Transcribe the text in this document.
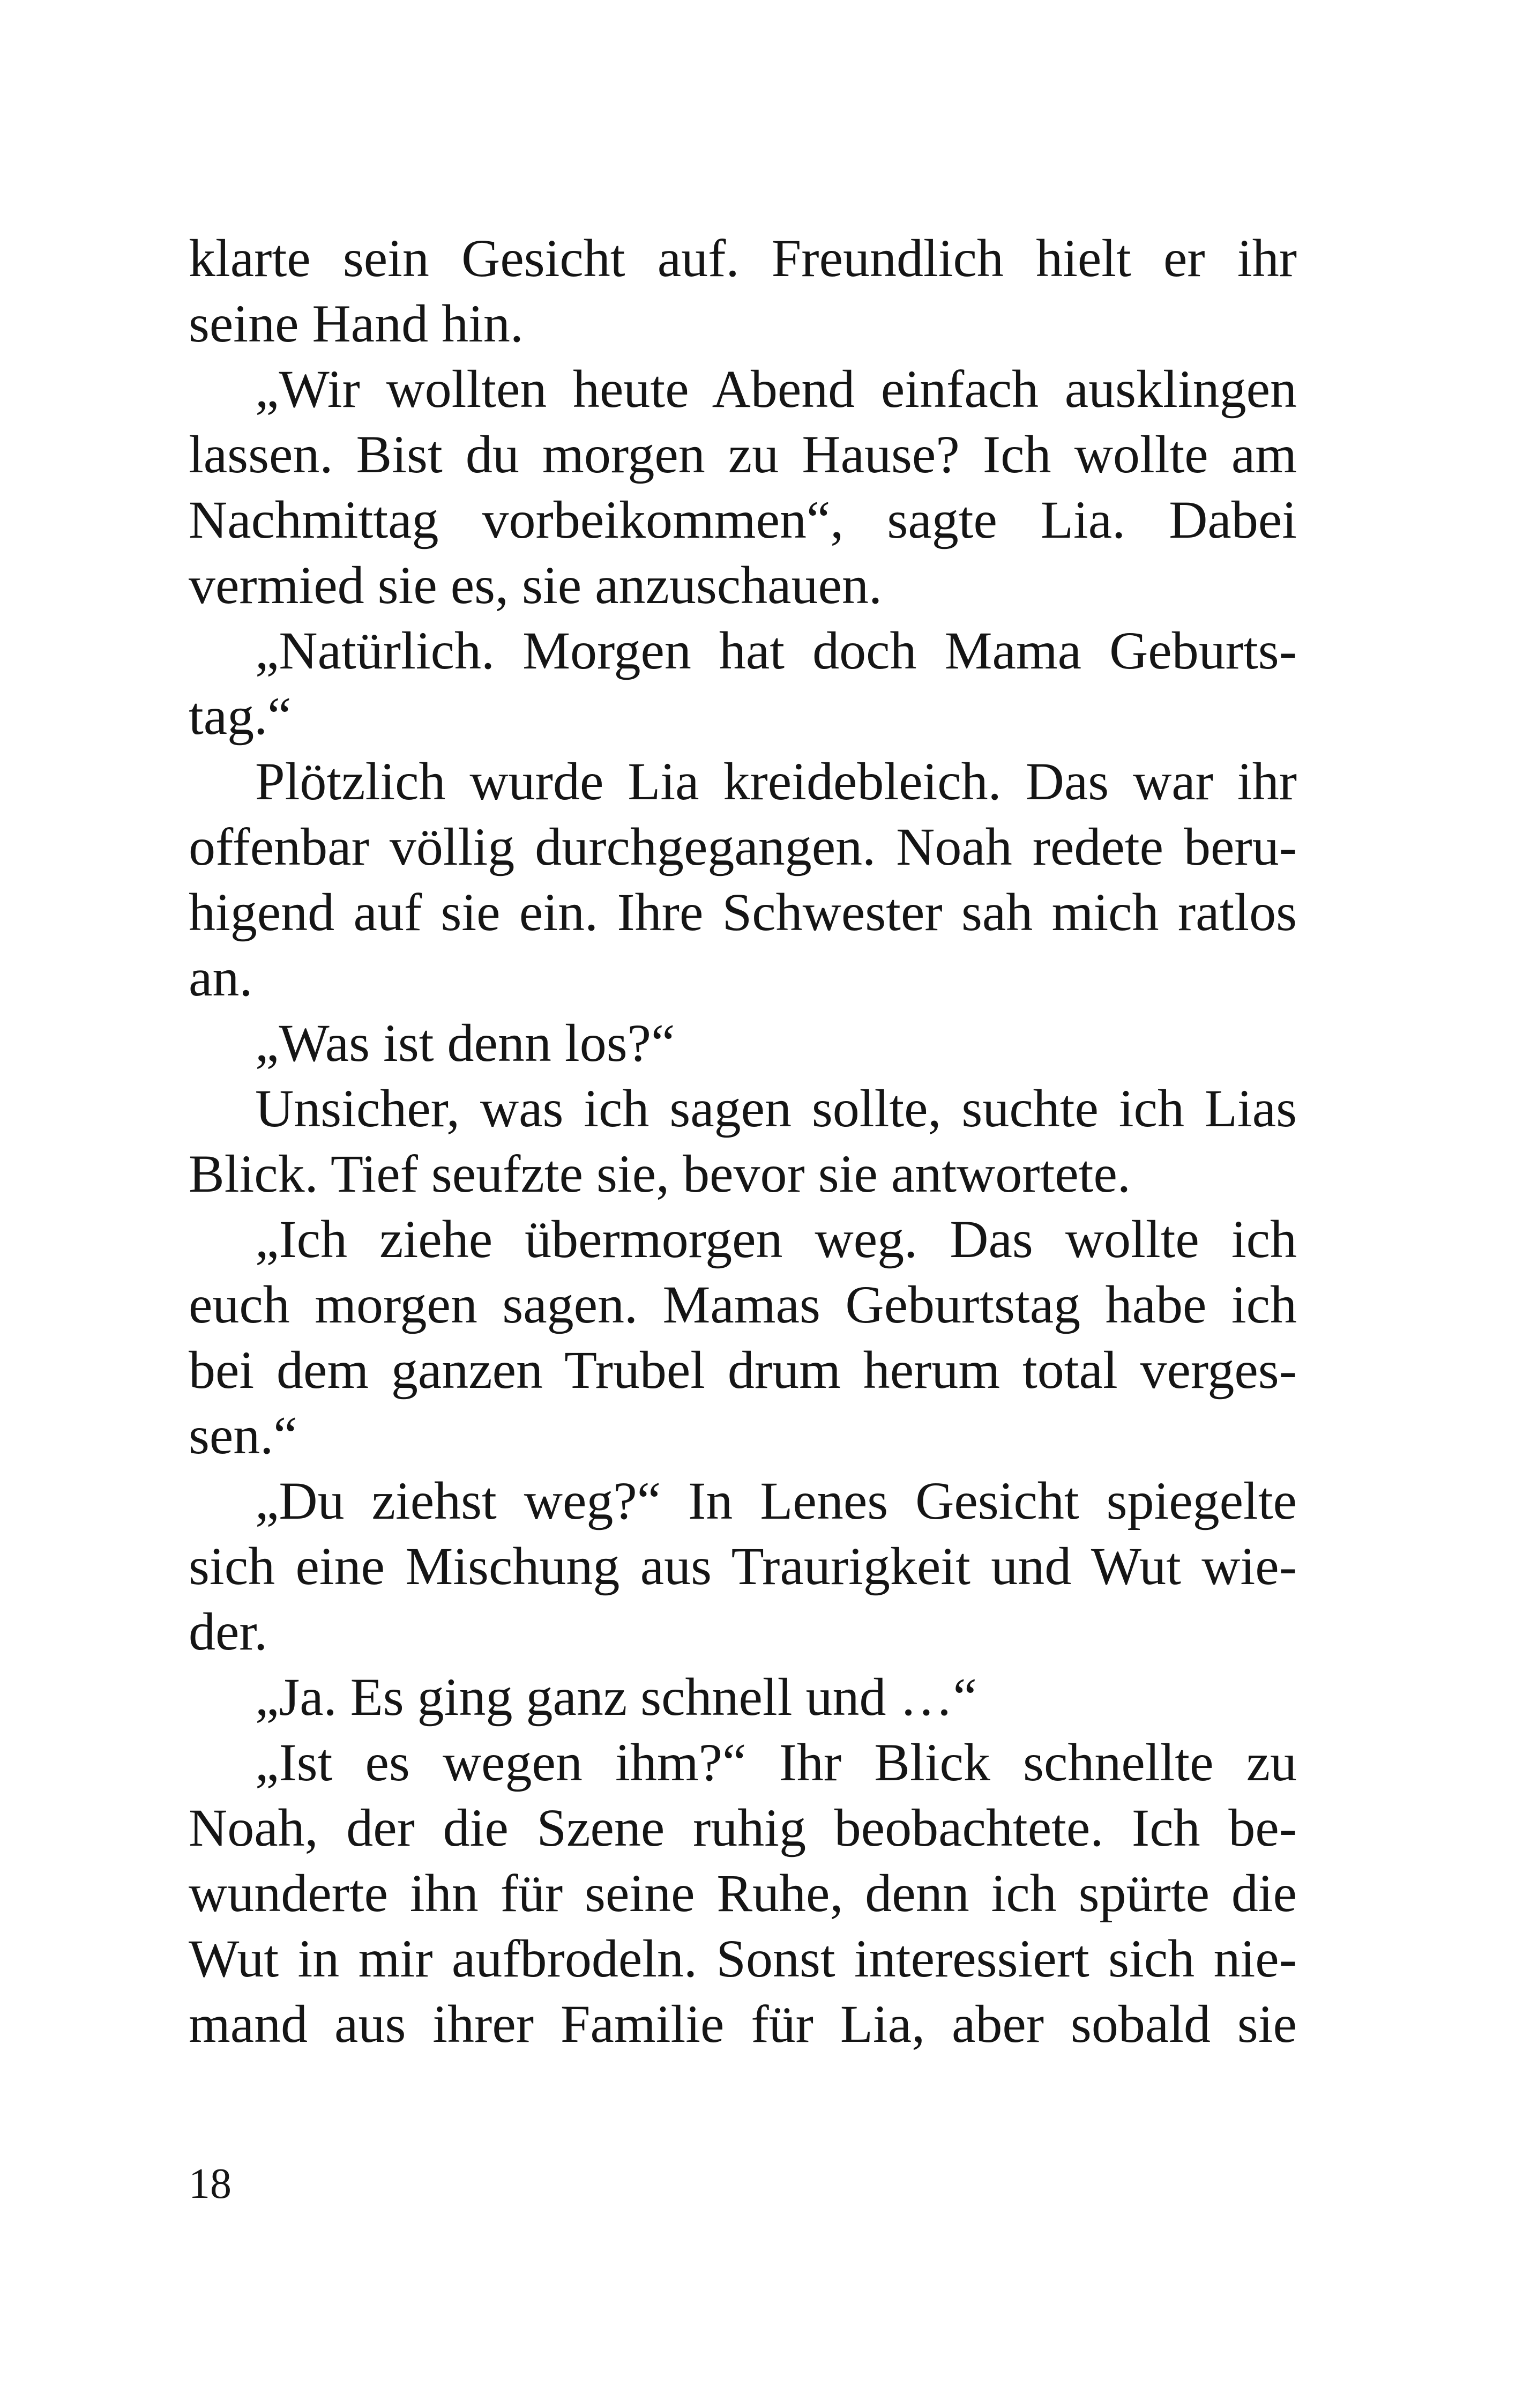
klarte sein Gesicht auf. Freundlich hielt er ihr
seine Hand hin.
„Wir wollten heute Abend einfach ausklingen
lassen. Bist du morgen zu Hause? Ich wollte am
Nachmittag vorbeikommen“, sagte Lia. Dabei
vermied sie es, sie anzuschauen.
„Natürlich. Morgen hat doch Mama Geburts-
tag.“
Plötzlich wurde Lia kreidebleich. Das war ihr
offenbar völlig durchgegangen. Noah redete beru-
higend auf sie ein. Ihre Schwester sah mich ratlos
an.
„Was ist denn los?“
Unsicher, was ich sagen sollte, suchte ich Lias
Blick. Tief seufzte sie, bevor sie antwortete.
„Ich ziehe übermorgen weg. Das wollte ich
euch morgen sagen. Mamas Geburtstag habe ich
bei dem ganzen Trubel drum herum total verges-
sen.“
„Du ziehst weg?“ In Lenes Gesicht spiegelte
sich eine Mischung aus Traurigkeit und Wut wie-
der.
„Ja. Es ging ganz schnell und …“
„Ist es wegen ihm?“ Ihr Blick schnellte zu
Noah, der die Szene ruhig beobachtete. Ich be-
wunderte ihn für seine Ruhe, denn ich spürte die
Wut in mir aufbrodeln. Sonst interessiert sich nie-
mand aus ihrer Familie für Lia, aber sobald sie
18
